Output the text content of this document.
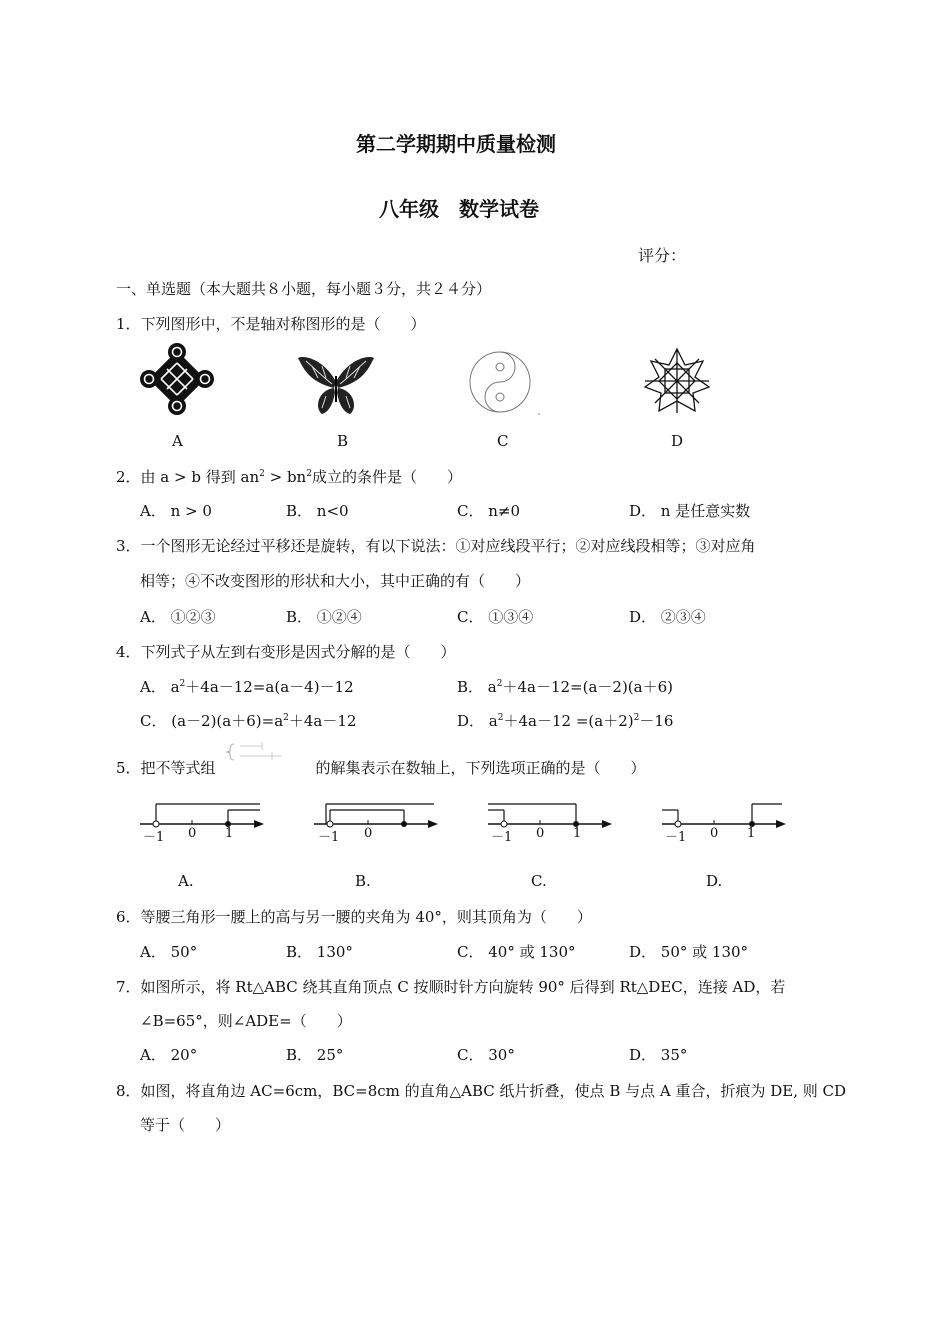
第二学期期中质量检测
八年级　数学试卷
评分：
一、单选题（本大题共８小题，每小题３分，共２４分）
1．下列图形中，不是轴对称图形的是（　　）
A	B	C	D
2．由 a > b 得到 $an^2 > bn^2$成立的条件是（　　）
A． n > 0	B． n<0	C． n≠0	D． n 是任意实数
3．一个图形无论经过平移还是旋转，有以下说法：①对应线段平行；②对应线段相等；③对应角
相等；④不改变图形的形状和大小，其中正确的有（　　）
A． ①②③	B． ①②④	C． ①③④	D． ②③④
4．下列式子从左到右变形是因式分解的是（　　）
A． $a^2+4a-12=a(a-4)-12$	B． $a^2+4a-12=(a-2)(a+6)$
C． $(a-2)(a+6)=a^2+4a-12$	D． $a^2+4a-12 =(a+2)^2-16$
5．把不等式组	的解集表示在数轴上，下列选项正确的是（　　）
－1 0 1	－1 0	－1 0 1	－1 0 1
A.	B.	C.	D.
6．等腰三角形一腰上的高与另一腰的夹角为 40°，则其顶角为（　　）
A． 50°	B． 130°	C． 40° 或 130°	D． 50° 或 130°
7．如图所示，将 Rt△ABC 绕其直角顶点 C 按顺时针方向旋转 90° 后得到 Rt△DEC，连接 AD，若
∠B=65°，则∠ADE=（　　）
A． 20°	B． 25°	C． 30°	D． 35°
8．如图，将直角边 AC=6cm，BC=8cm 的直角△ABC 纸片折叠，使点 B 与点 A 重合，折痕为 DE, 则 CD
等于（　　）
